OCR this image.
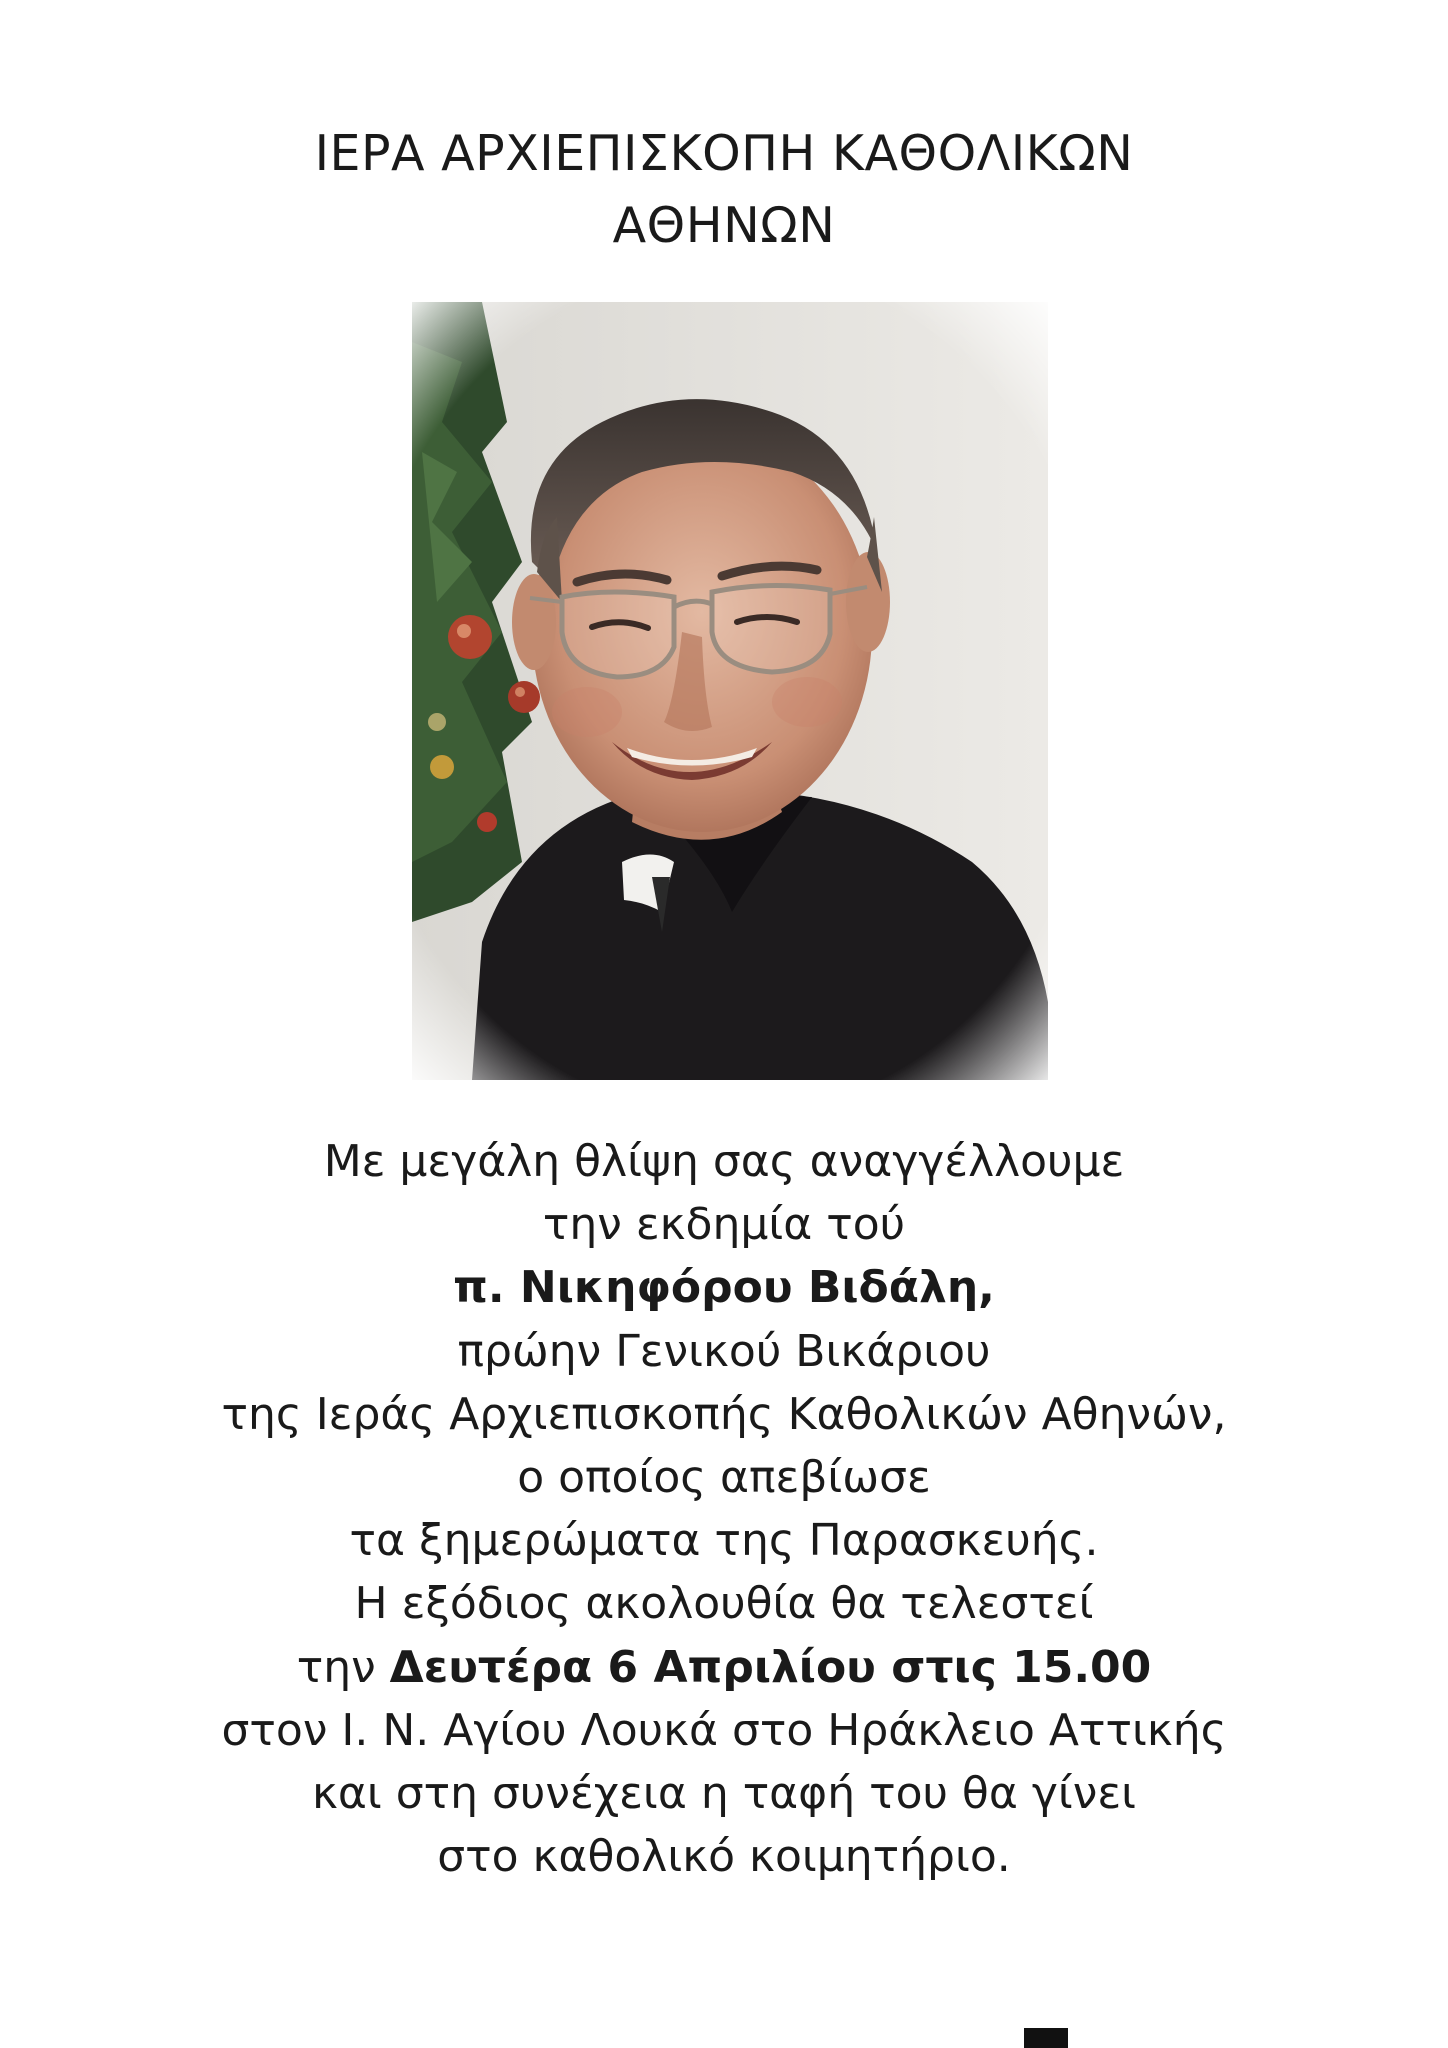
ΙΕΡΑ ΑΡΧΙΕΠΙΣΚΟΠΗ ΚΑΘΟΛΙΚΩΝ
ΑΘΗΝΩΝ
Με μεγάλη θλίψη σας αναγγέλλουμε
την εκδημία τού
π. Νικηφόρου Βιδάλη,
πρώην Γενικού Βικάριου
της Ιεράς Αρχιεπισκοπής Καθολικών Αθηνών,
ο οποίος απεβίωσε
τα ξημερώματα της Παρασκευής.
Η εξόδιος ακολουθία θα τελεστεί
την Δευτέρα 6 Απριλίου στις 15.00
στον Ι. Ν. Αγίου Λουκά στο Ηράκλειο Αττικής
και στη συνέχεια η ταφή του θα γίνει
στο καθολικό κοιμητήριο.
